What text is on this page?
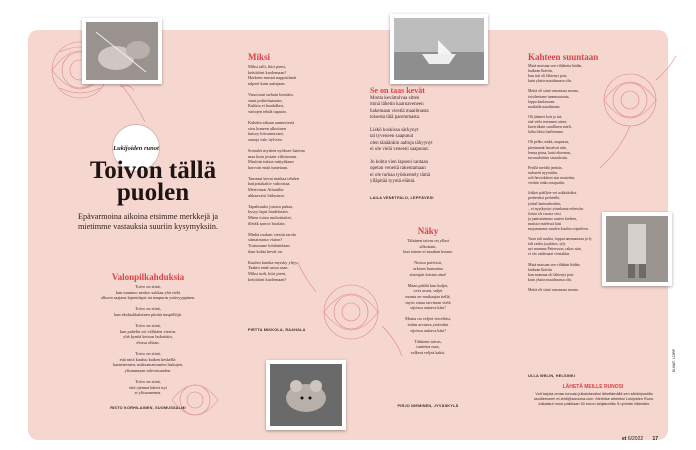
Lukijoiden runot
Toivon tällä puolen
Epävarmoina aikoina etsimme merkkejä ja mietimme vastauksia suuriin kysymyksiin.
Valonpilkahduksia
Toivo on siinä,
kun mummo neuloo sukkaa yhä vielä
olkoon saajana lapsenlapsi tai naapurin ystävyyppinen.

Toivo on siinä,
kun ekaluokkalainen piirtää nuspöllöjä.

Toivo on siinä,
kun puhelin soi välittäen viestin:
yhä kynttä ketoon laskettäin,
elossa ollaan.

Toivo on siinä,
että mitä kuuluu kaiken keskellä:
karanteenien, maksamattomien laskujen,
ylisuunnaan tulevaisuuden.

Toivo on siinä,
että ojennat kätesi nyt
et ylituomenna.
RISTO KORHILAINEN, SUOMUSSALMI
Miksi
Miksi talli, hiiri pieni,
keittiöönt kuolemaan?
Herkeen mustat nappisilmät
talpeet kuin aattajaan.

Vanovaati tarhain hiestäin,
sinut polttohaastain,
Kukkia ei haadallasi,
värtojen tehdä tapasin.

Kuhden aikaan aamuviestä
sivu lumeen alkoituen
katsoy hiivauttavani,
sanoja valo itylvien.

Somalet myttien nyöksee laaivaa
maa kuin jostain viltoiseaan.
Maslotn tuksia tuttiyäkaan
harvoin enää tuntetaan.

Tammut laivat maikaa tehden
haitjoitakaltiv valtoistaa.
Mertvinrat Atlantilta
uhkaavaisi hiilasinsa.

Tapahtuuko jostain puhaa,
kysyy lapsi hiadeloiain.
Miten toista ruuhotitaitei,
illetäk tauvoi huolain.

Minkä osalam viestin tarolo
siimaimasta viaton?
Toistamme lohduttelaan:
ihan kohta kevät on.

Kuulen kuinka myrsky yltyy.
Taakin enää ustoa saan.
Miksi tuilt, hiiri pieni,
keittiöönt kuolemaan?
PIRTTA MIKKOLA, RAAHALA
Se on taas kevät
Monta kevättulvaa sitten
minä lähetin kaarnaveneen
hakemaan viestiä maailmasta
toisesta tätä paremmasta.

Liekö koskissa särkynyt
tai tyveneen saapunut
olen tänäänkin aaltoja tähyynyt
ei ole vielä veneeni saapunut.

Jo kohta vien lapseni rantaan
opetan veneitä rakentamaan
ei ole turhaa työskentely tämä
ylläpitää tyyntä elämä.
LAILA VENETPALO, LEPPÄVESI
Näky
Tähtinen taivas on yllasi
silkottain,
kun toinen ei maahan kuuna.

Noissa paivissä,
arkisen harmaina
sisimpäs loistaa aina!

Maan päältä kun kuljet,
ovet avaat, suljet
monta on matkaajaa tiellä,
myös sinua tarvitaan vielä
sijoissa auttava käsi!

Monta on veljeä viereltäsi,
ettäin arvaava ystävääsi
sijoissa auttava käsi!

Tähtinen taivas,
tunteina maa,
valkeat veljeä kaksi.
PIRJO NIEMINEN, JYVÄSKYLÄ
Kahteen suuntaan
Minä muistan sen viltähetta hädän,
huikean lkäviin,
kun isäi oli lähtenyt pois,
kuin ykstin maailmassa olis.

Meitä oli siinä vanomasa monta,
toistlenisme tanemaatonta,
lappu kaulassaan
matkalla maailmaan.

Oli jääneet koti ja isä,
sitä viela terenneet ainee,
kaveriiksin surullinen mieli,
latha lohtu lueilenumo.

Oli pelko, mikä, auqaurus,
pienimmät huoatvat niin,
lemsa piusa, haisi ekoemas,
turvaudoittiin sisaruksiin.

Perillä meidät jaettiin,
turhaetti nyyrattiin,
soli hevoskäiset siin noutettin,
vieittin sinko naapuriin.

Jokkei päällyte vei uskkuloikot
perheteksi perheelle,
joskaI lanterakerttiin,
– ei nyytkyniyt ytisnkanta erhetsiin.
Joista oli vuosia viisi
ja jaattraisimme uaisen kieleen,
muistot mielessä käsi
mojamimme suuden kuulin ovipteleen.

Vaan tuli ruuhia, loppui ammuntaan ja ly
tuli rauha ja päätos, iyly
nyt mamma Pettersson, rakas niin,
ei olo vaikituaat viestahiin.

Minä muistan sen viltähän hädän,
huikean lkäviin
kun mamma oli lähtenyt pois
kuin ykstin maailmassa olis.

Meitä oli siinä vanomasa monta.
ULLA WELIN, HELSINKI
LÄHETÄ MEILLE RUNOSI
Voit tarjota omaa runoasi julkaistavaksi lähettämällä sen sähköpostilla osoitteeseen et-lehti@sanoma.com. Merkitse aiheeksi Lukijoiden Runo. Julkaistut runot palkitaan 50 euron lahjakortilla S-ryhmän liikkeisiin.
KUVAT: 123RF
et 6/2022 17
